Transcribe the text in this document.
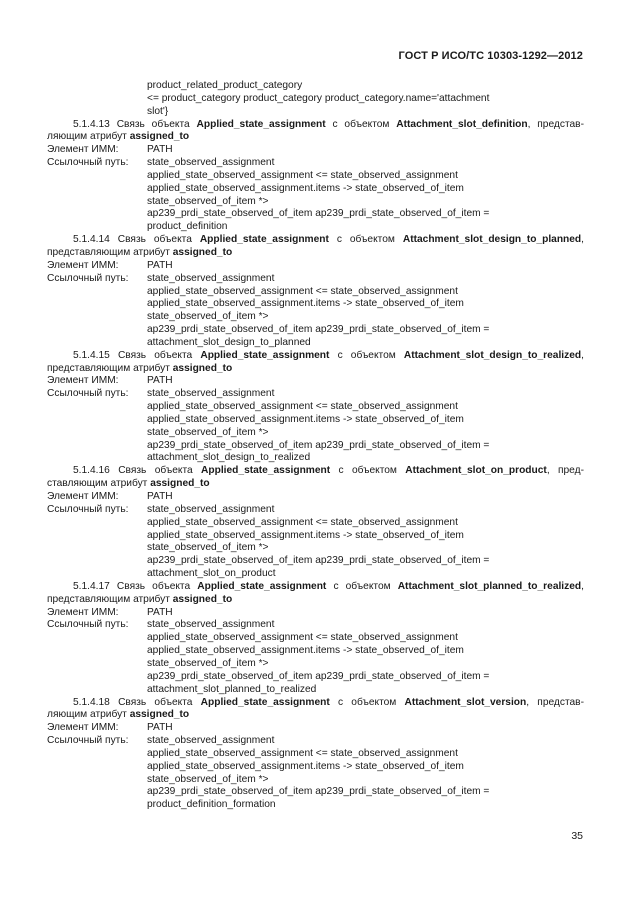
ГОСТ Р ИСО/ТС 10303-1292—2012
product_related_product_category
<= product_category product_category product_category.name='attachment
slot'}
5.1.4.13 Связь объекта Applied_state_assignment с объектом Attachment_slot_definition, представ-
ляющим атрибут assigned_to
Элемент ИММ:	PATH
Ссылочный путь:	state_observed_assignment
applied_state_observed_assignment <= state_observed_assignment
applied_state_observed_assignment.items -> state_observed_of_item
state_observed_of_item *>
ap239_prdi_state_observed_of_item ap239_prdi_state_observed_of_item =
product_definition
5.1.4.14 Связь объекта Applied_state_assignment с объектом Attachment_slot_design_to_planned,
представляющим атрибут assigned_to
Элемент ИММ:	PATH
Ссылочный путь:	state_observed_assignment
applied_state_observed_assignment <= state_observed_assignment
applied_state_observed_assignment.items -> state_observed_of_item
state_observed_of_item *>
ap239_prdi_state_observed_of_item ap239_prdi_state_observed_of_item =
attachment_slot_design_to_planned
5.1.4.15 Связь объекта Applied_state_assignment с объектом Attachment_slot_design_to_realized,
представляющим атрибут assigned_to
Элемент ИММ:	PATH
Ссылочный путь:	state_observed_assignment
applied_state_observed_assignment <= state_observed_assignment
applied_state_observed_assignment.items -> state_observed_of_item
state_observed_of_item *>
ap239_prdi_state_observed_of_item ap239_prdi_state_observed_of_item =
attachment_slot_design_to_realized
5.1.4.16 Связь объекта Applied_state_assignment с объектом Attachment_slot_on_product, пред-
ставляющим атрибут assigned_to
Элемент ИММ:	PATH
Ссылочный путь:	state_observed_assignment
applied_state_observed_assignment <= state_observed_assignment
applied_state_observed_assignment.items -> state_observed_of_item
state_observed_of_item *>
ap239_prdi_state_observed_of_item ap239_prdi_state_observed_of_item =
attachment_slot_on_product
5.1.4.17 Связь объекта Applied_state_assignment с объектом Attachment_slot_planned_to_realized,
представляющим атрибут assigned_to
Элемент ИММ:	PATH
Ссылочный путь:	state_observed_assignment
applied_state_observed_assignment <= state_observed_assignment
applied_state_observed_assignment.items -> state_observed_of_item
state_observed_of_item *>
ap239_prdi_state_observed_of_item ap239_prdi_state_observed_of_item =
attachment_slot_planned_to_realized
5.1.4.18 Связь объекта Applied_state_assignment с объектом Attachment_slot_version, представ-
ляющим атрибут assigned_to
Элемент ИММ:	PATH
Ссылочный путь:	state_observed_assignment
applied_state_observed_assignment <= state_observed_assignment
applied_state_observed_assignment.items -> state_observed_of_item
state_observed_of_item *>
ap239_prdi_state_observed_of_item ap239_prdi_state_observed_of_item =
product_definition_formation
35
